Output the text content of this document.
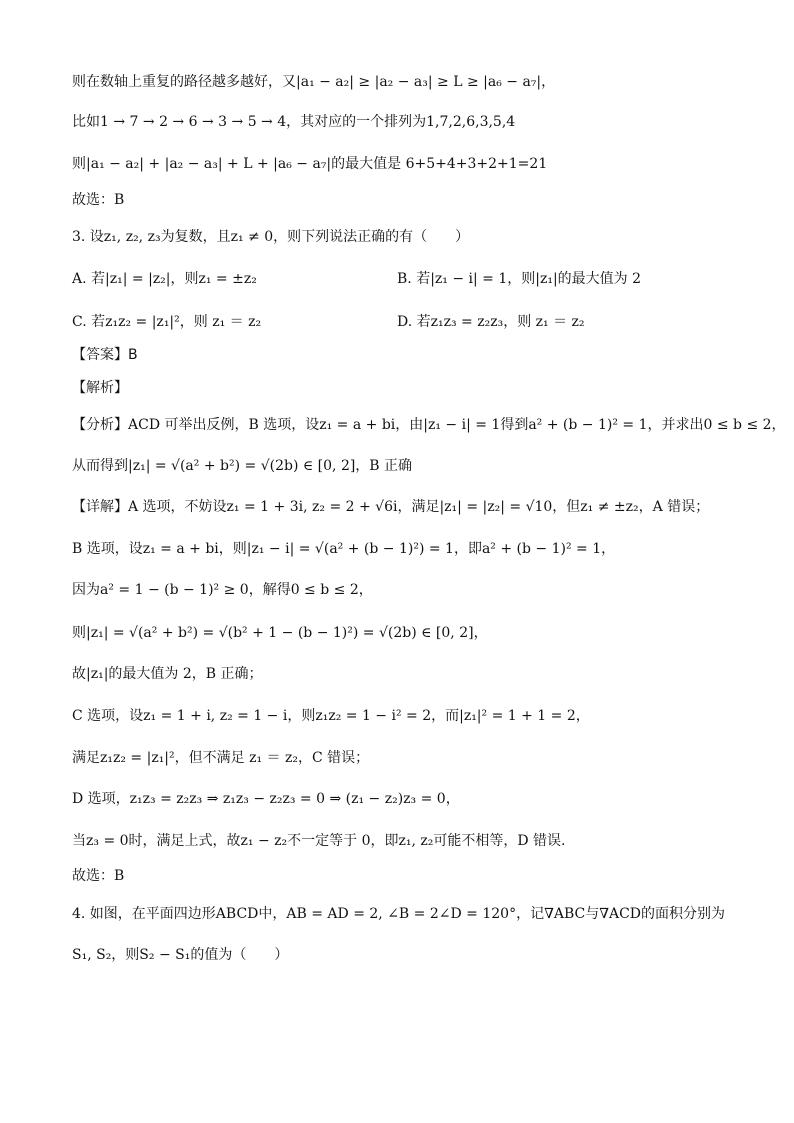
则在数轴上重复的路径越多越好，又|a₁ − a₂| ≥ |a₂ − a₃| ≥ L ≥ |a₆ − a₇|，
比如1 → 7 → 2 → 6 → 3 → 5 → 4，其对应的一个排列为1,7,2,6,3,5,4
则|a₁ − a₂| + |a₂ − a₃| + L + |a₆ − a₇|的最大值是 6+5+4+3+2+1=21
故选：B
3. 设z₁, z₂, z₃为复数，且z₁ ≠ 0，则下列说法正确的有（　　）
A. 若|z₁| = |z₂|，则z₁ = ±z₂	B. 若|z₁ − i| = 1，则|z₁|的最大值为 2
C. 若z₁z₂ = |z₁|²，则 z₁ ＝ z₂	D. 若z₁z₃ = z₂z₃，则 z₁ ＝ z₂
【答案】B
【解析】
【分析】ACD 可举出反例，B 选项，设z₁ = a + bi，由|z₁ − i| = 1得到a² + (b − 1)² = 1，并求出0 ≤ b ≤ 2，
从而得到|z₁| = √(a² + b²) = √(2b) ∈ [0, 2]，B 正确
【详解】A 选项，不妨设z₁ = 1 + 3i, z₂ = 2 + √6i，满足|z₁| = |z₂| = √10，但z₁ ≠ ±z₂，A 错误；
B 选项，设z₁ = a + bi，则|z₁ − i| = √(a² + (b − 1)²) = 1，即a² + (b − 1)² = 1，
因为a² = 1 − (b − 1)² ≥ 0，解得0 ≤ b ≤ 2，
则|z₁| = √(a² + b²) = √(b² + 1 − (b − 1)²) = √(2b) ∈ [0, 2]，
故|z₁|的最大值为 2，B 正确；
C 选项，设z₁ = 1 + i, z₂ = 1 − i，则z₁z₂ = 1 − i² = 2，而|z₁|² = 1 + 1 = 2，
满足z₁z₂ = |z₁|²，但不满足 z₁ ＝ z₂，C 错误；
D 选项，z₁z₃ = z₂z₃ ⇒ z₁z₃ − z₂z₃ = 0 ⇒ (z₁ − z₂)z₃ = 0，
当z₃ = 0时，满足上式，故z₁ − z₂不一定等于 0，即z₁, z₂可能不相等，D 错误.
故选：B
4. 如图，在平面四边形ABCD中，AB = AD = 2, ∠B = 2∠D = 120°，记∇ABC与∇ACD的面积分别为
S₁, S₂，则S₂ − S₁的值为（　　）
